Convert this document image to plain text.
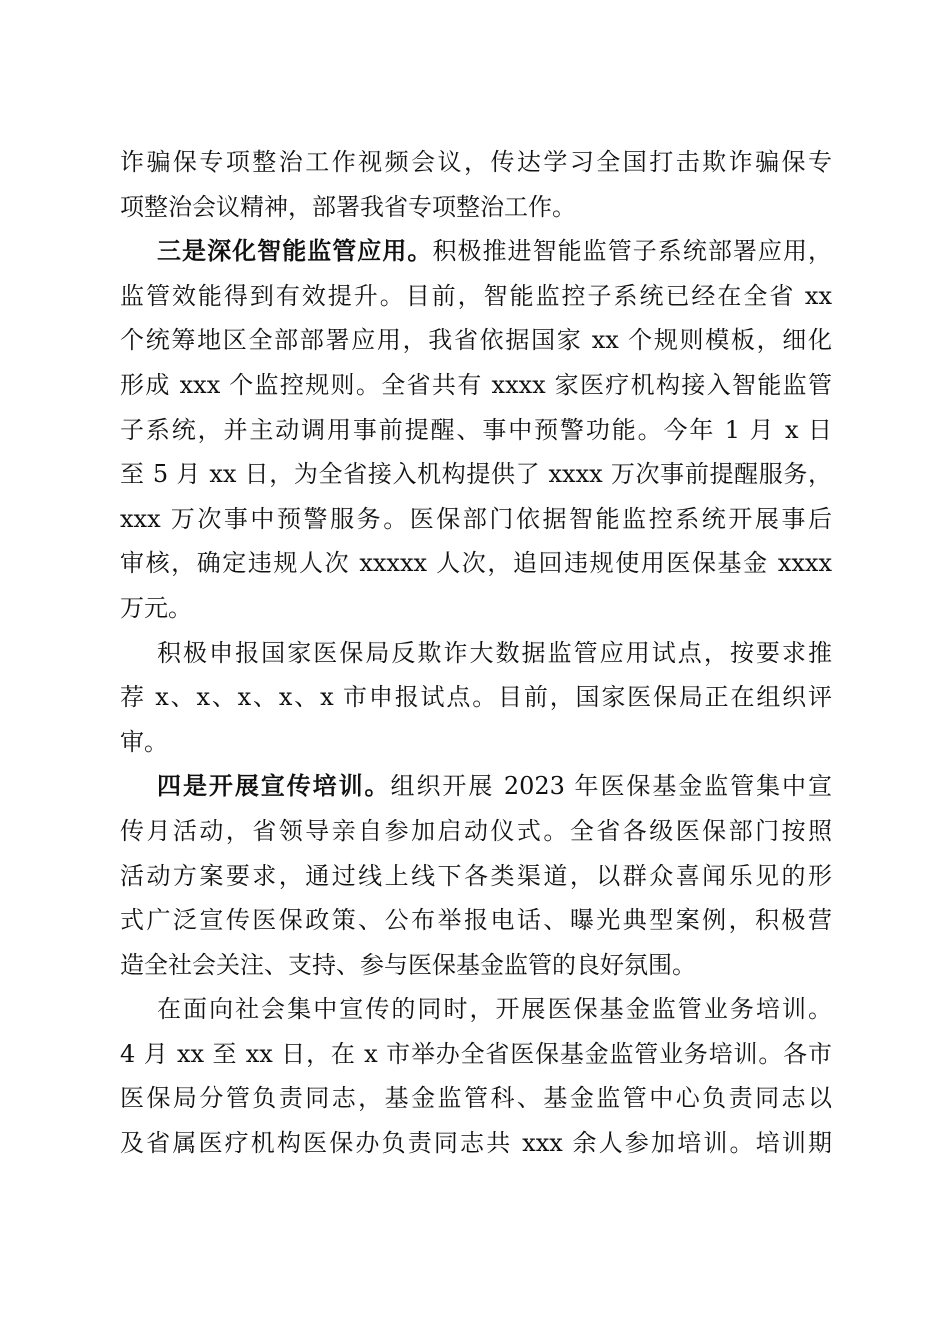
诈骗保专项整治工作视频会议，传达学习全国打击欺诈骗保专
项整治会议精神，部署我省专项整治工作。
三是深化智能监管应用。积极推进智能监管子系统部署应用，
监管效能得到有效提升。目前，智能监控子系统已经在全省 xx
个统筹地区全部部署应用，我省依据国家 xx 个规则模板，细化
形成 xxx 个监控规则。全省共有 xxxx 家医疗机构接入智能监管
子系统，并主动调用事前提醒、事中预警功能。今年 1 月 x 日
至 5 月 xx 日，为全省接入机构提供了 xxxx 万次事前提醒服务，
xxx 万次事中预警服务。医保部门依据智能监控系统开展事后
审核，确定违规人次 xxxxx 人次，追回违规使用医保基金 xxxx
万元。
积极申报国家医保局反欺诈大数据监管应用试点，按要求推
荐 x、x、x、x、x 市申报试点。目前，国家医保局正在组织评
审。
四是开展宣传培训。组织开展 2023 年医保基金监管集中宣
传月活动，省领导亲自参加启动仪式。全省各级医保部门按照
活动方案要求，通过线上线下各类渠道，以群众喜闻乐见的形
式广泛宣传医保政策、公布举报电话、曝光典型案例，积极营
造全社会关注、支持、参与医保基金监管的良好氛围。
在面向社会集中宣传的同时，开展医保基金监管业务培训。
4 月 xx 至 xx 日，在 x 市举办全省医保基金监管业务培训。各市
医保局分管负责同志，基金监管科、基金监管中心负责同志以
及省属医疗机构医保办负责同志共 xxx 余人参加培训。培训期
